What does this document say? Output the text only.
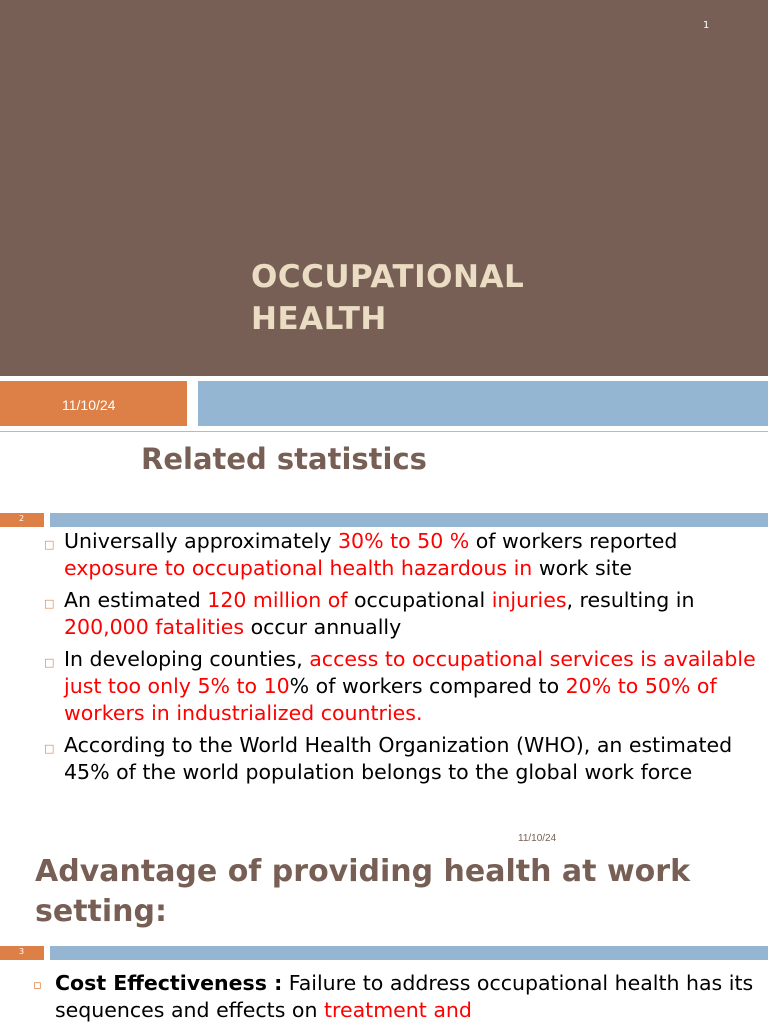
1
OCCUPATIONAL
HEALTH
11/10/24
Related statistics
2
□ Universally approximately 30% to 50 % of workers reported exposure to occupational health hazardous in work site
□ An estimated 120 million of occupational injuries, resulting in 200,000 fatalities occur annually
□ In developing counties, access to occupational services is available just too only 5% to 10% of workers compared to 20% to 50% of workers in industrialized countries.
□ According to the World Health Organization (WHO), an estimated 45% of the world population belongs to the global work force
11/10/24
Advantage of providing health at work setting:
3
▫ Cost Effectiveness : Failure to address occupational health has its sequences and effects on treatment and
